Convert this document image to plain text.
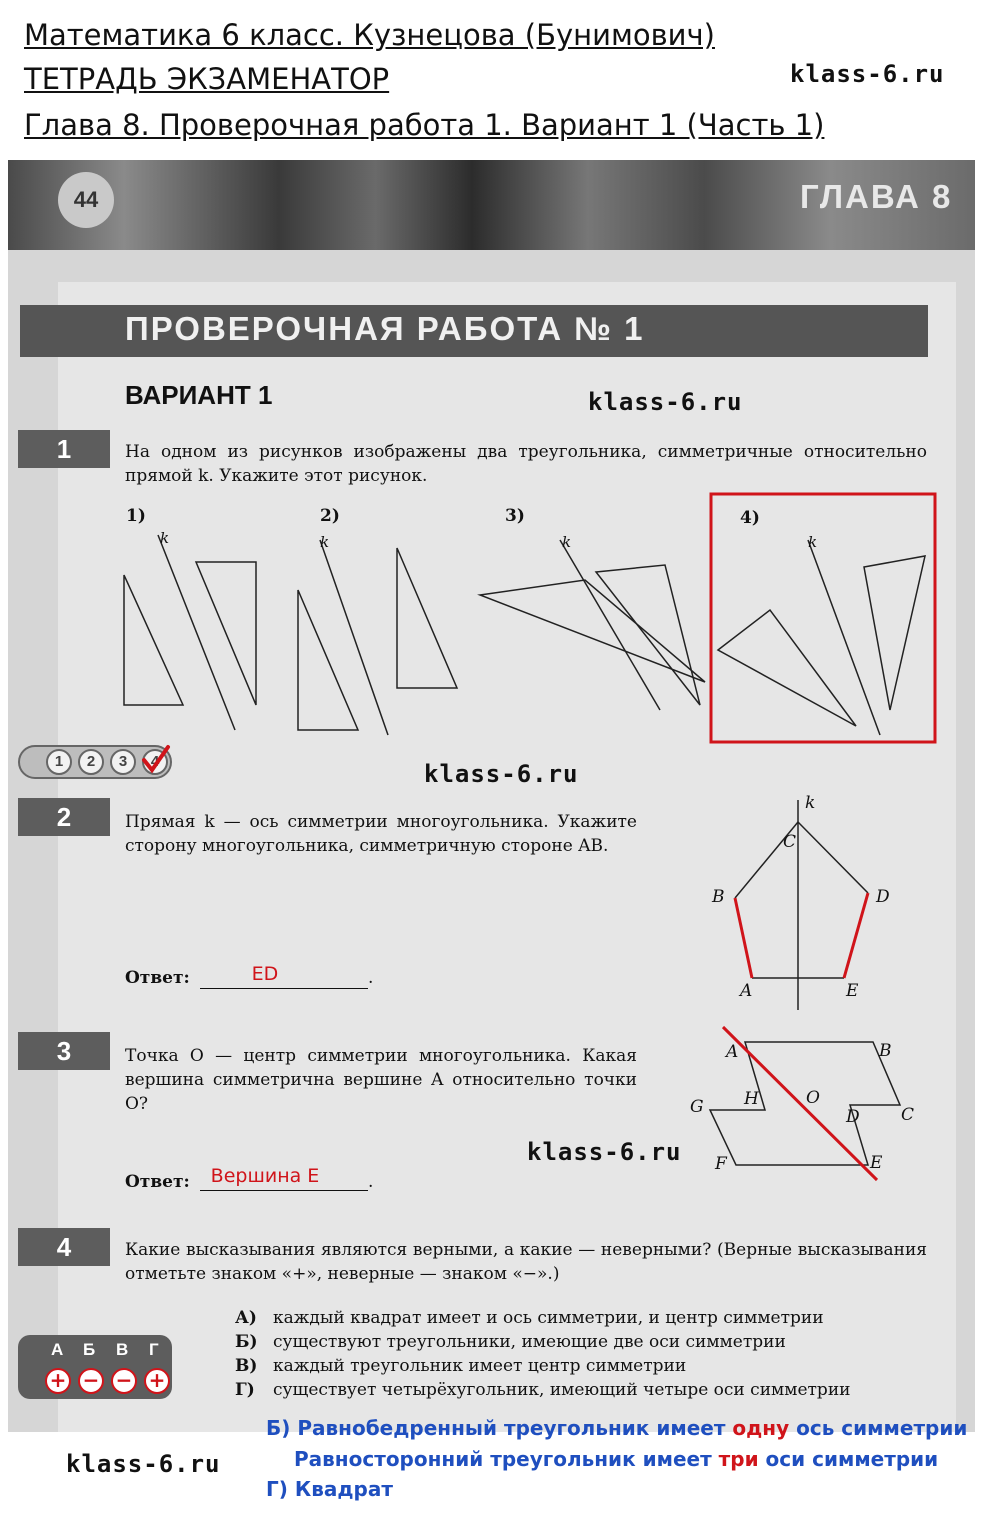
Математика 6 класс. Кузнецова (Бунимович)
ТЕТРАДЬ ЭКЗАМЕНАТОР
Глава 8. Проверочная работа 1. Вариант 1 (Часть 1)
klass-6.ru
44	ГЛАВА 8
ПРОВЕРОЧНАЯ РАБОТА № 1
ВАРИАНТ 1	klass-6.ru
1	На одном из рисунков изображены два треугольника, симметричные относительно прямой k. Укажите этот рисунок.
1)	2)	3)	4)
k	k	k	k
1	2	3	4	klass-6.ru
2	Прямая k — ось симметрии многоугольника. Укажите сторону многоугольника, симметричную стороне AB.
Ответ:	ED	.
k
C
B	D
A	E
3	Точка O — центр симметрии многоугольника. Какая вершина симметрична вершине A относительно точки O?
klass-6.ru
Ответ:	Вершина Е	.
A	B
G H	O
D C
F	E
4	Какие высказывания являются верными, а какие — неверными? (Верные высказывания отметьте знаком «+», неверные — знаком «−».)
А) каждый квадрат имеет и ось симметрии, и центр симметрии
Б) существуют треугольники, имеющие две оси симметрии
В) каждый треугольник имеет центр симметрии
Г) существует четырёхугольник, имеющий четыре оси симметрии
А Б В Г
+ − − +
Б) Равнобедренный треугольник имеет одну ось симметрии
Равносторонний треугольник имеет три оси симметрии
Г) Квадрат
klass-6.ru
